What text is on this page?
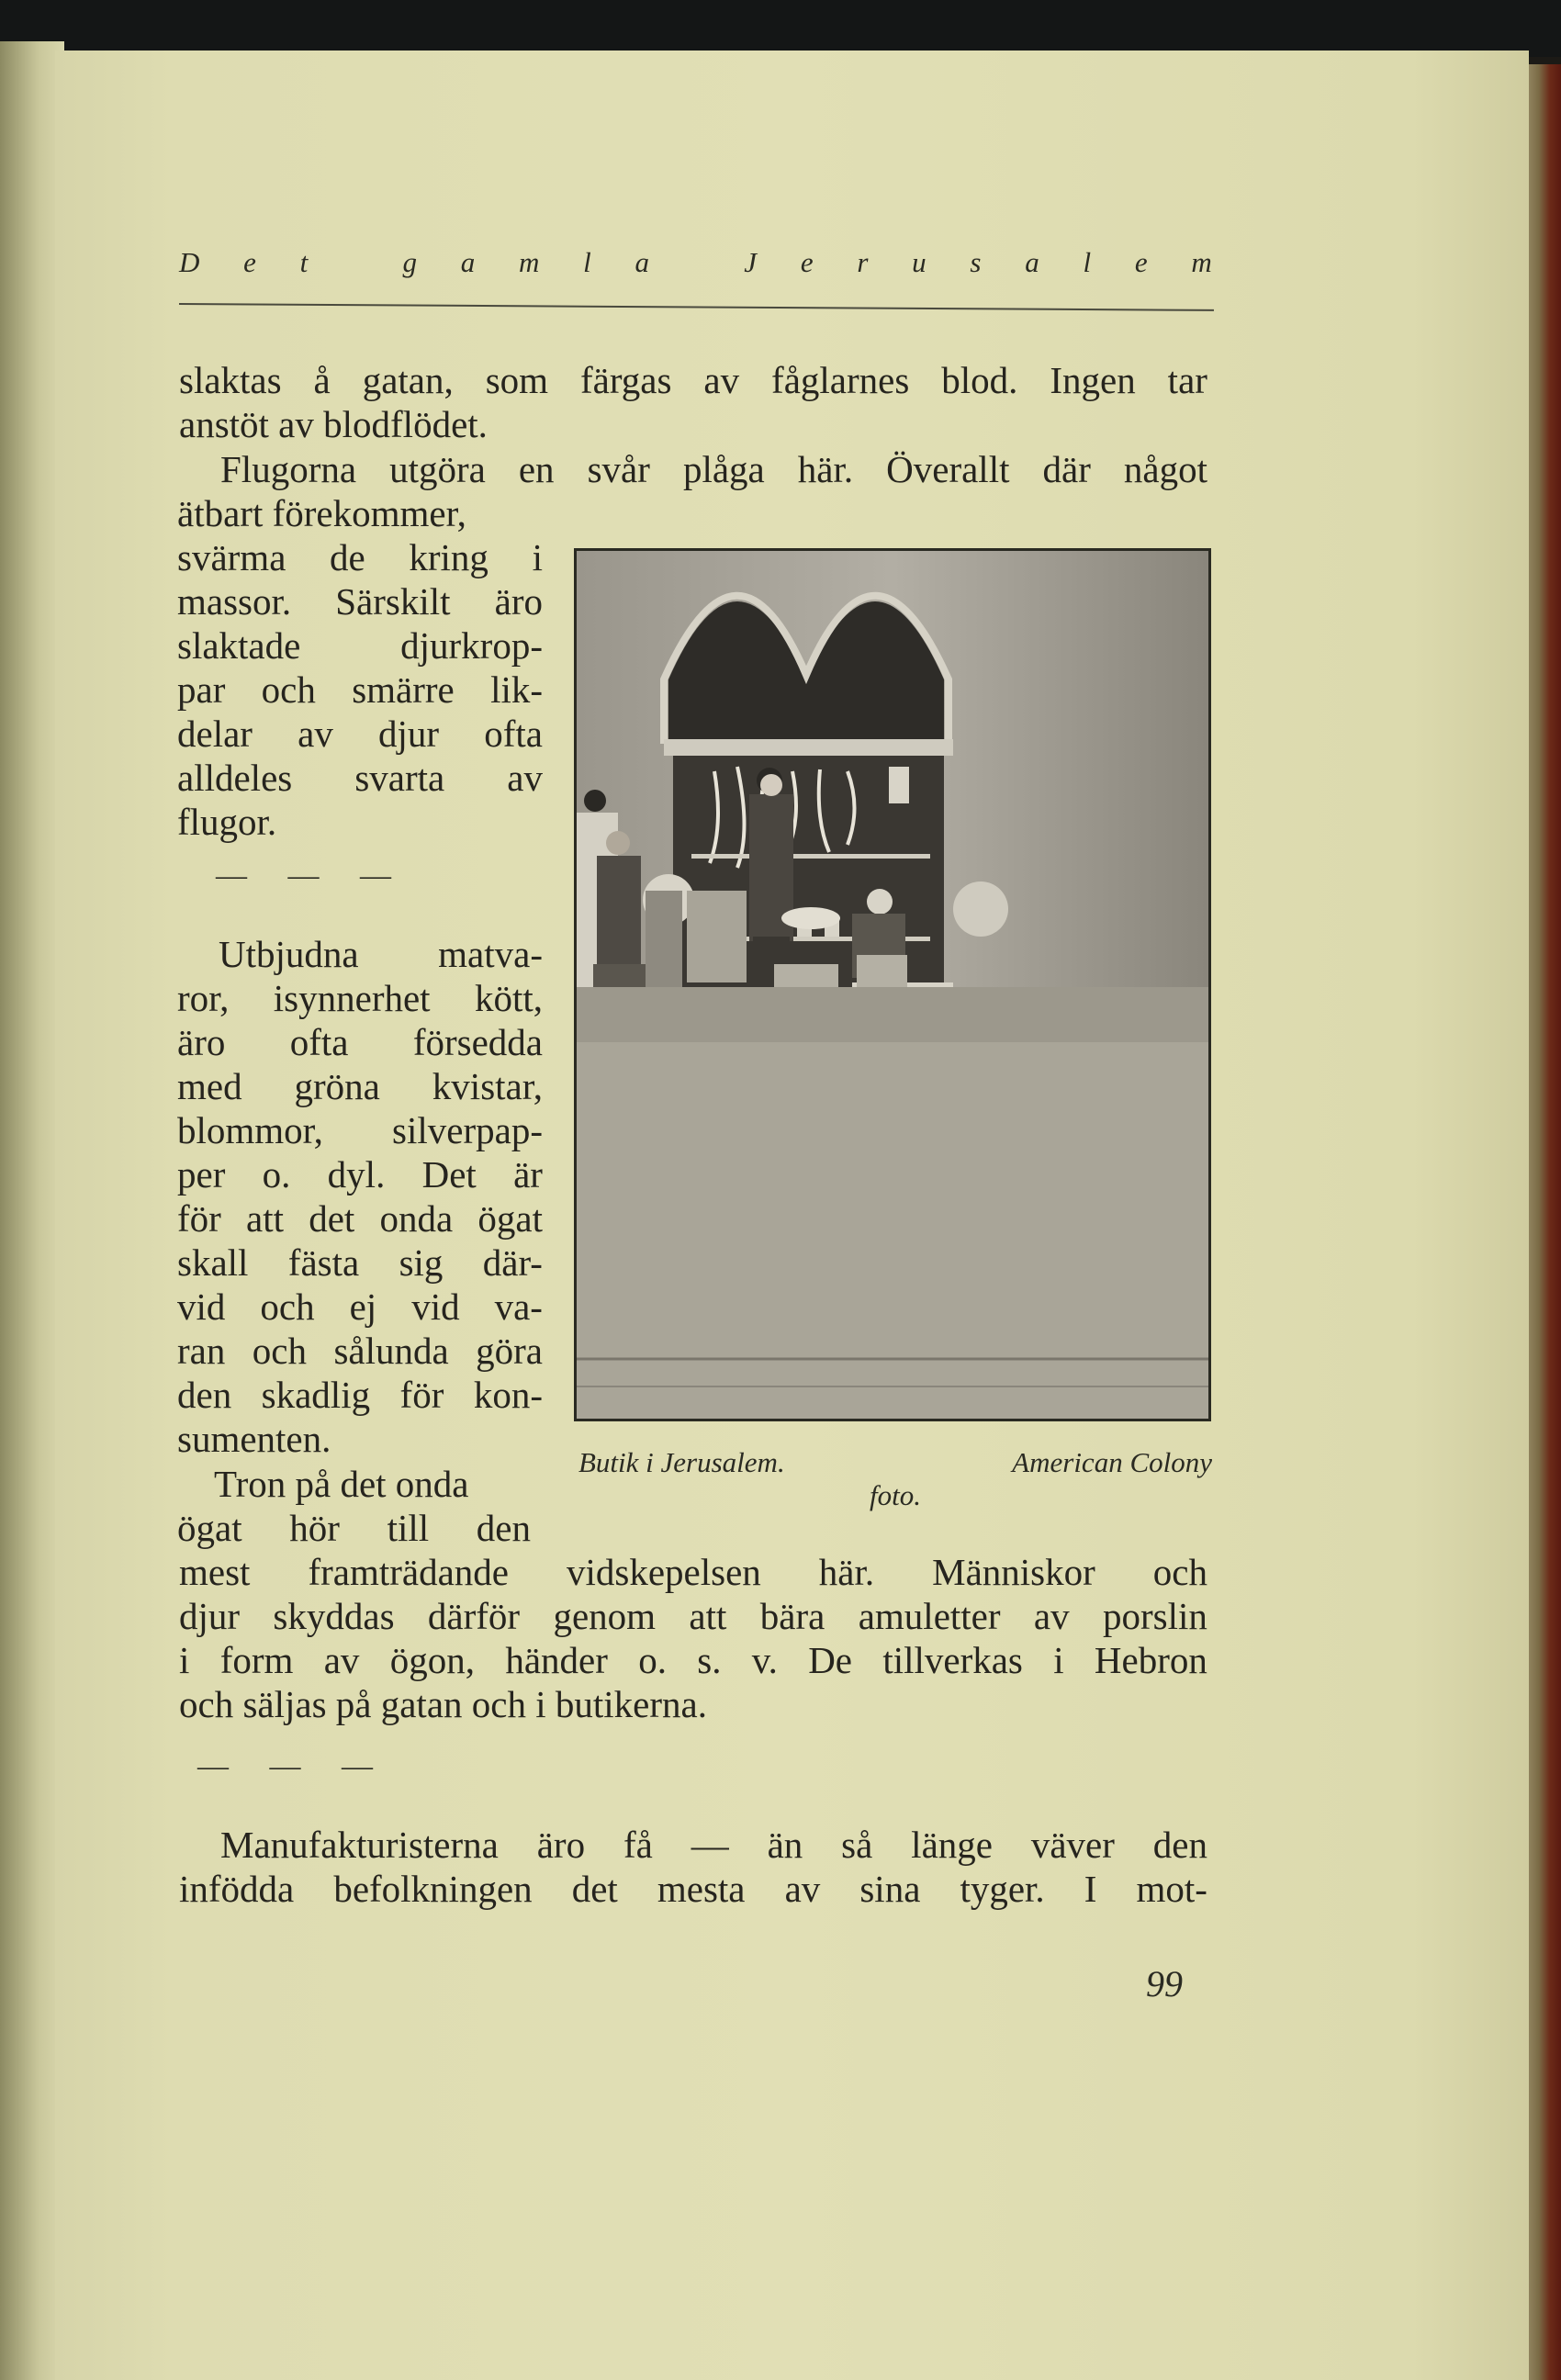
D e t
	g a m l a
	J e r u s a l e m
slaktas å gatan, som färgas av fåglarnes blod. Ingen tar
anstöt av blodflödet.
Flugorna utgöra en svår plåga här. Överallt där något
ätbart förekommer,
svärma de kring i
massor. Särskilt äro
slaktade	djurkrop-
par och smärre lik-
delar av djur ofta
alldeles svarta av
flugor.
— — —
Utbjudna matva-
ror, isynnerhet kött,
äro ofta försedda
med gröna kvistar,
blommor, silverpap-
per o. dyl. Det är
för att det onda ögat
skall fästa sig där-
vid och ej vid va-
ran och sålunda göra
den skadlig för kon-
sumenten.
Tron på det onda
ögat hör till den
mest framträdande vidskepelsen här. Människor och
djur skyddas därför genom att bära amuletter av porslin
i form av ögon, händer o. s. v. De tillverkas i Hebron
och säljas på gatan och i butikerna.
— — —
Manufakturisterna äro få — än så länge väver den
infödda befolkningen det mesta av sina tyger. I mot-
Butik i Jerusalem.	American Colony
foto.
99
